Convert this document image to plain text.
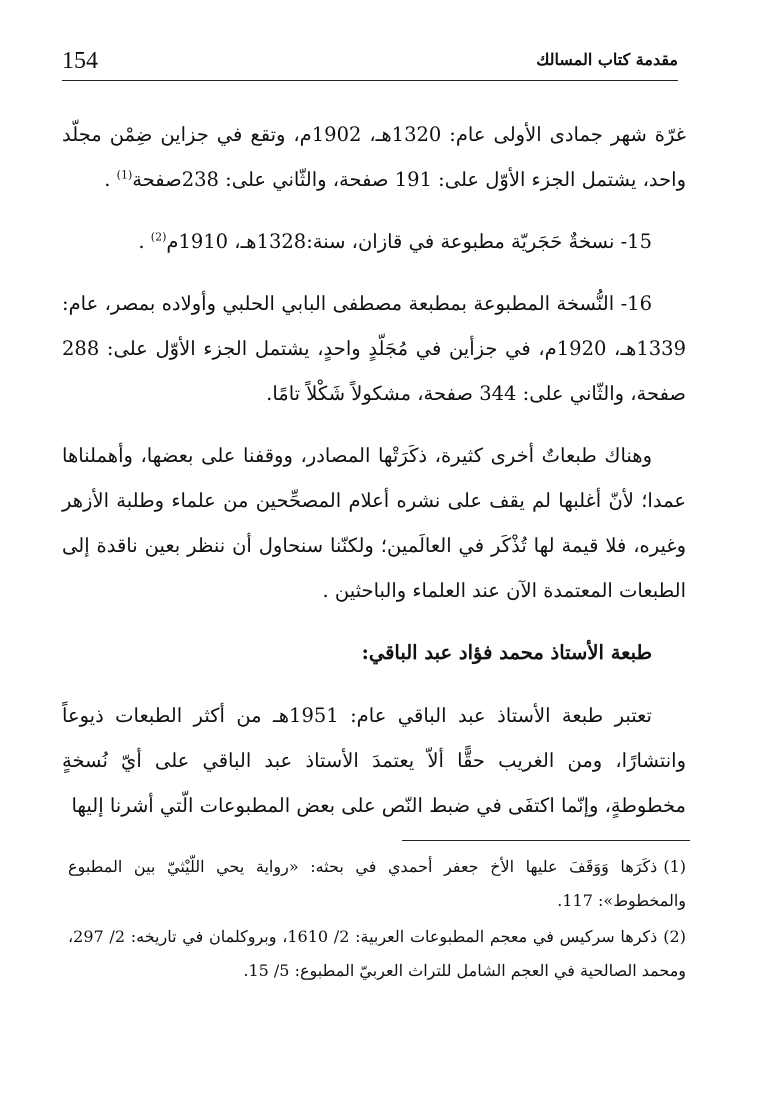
154	مقدمة كتاب المسالك

غرّة شهر جمادى الأولى عام: 1320هـ، 1902م، وتقع في جزاين ضِمْن مجلّد واحد، يشتمل الجزء الأوّل على: 191 صفحة، والثّاني على: 238صفحة$^{(1)}$ .

15- نسخةٌ حَجَريّة مطبوعة في قازان، سنة:1328هـ، 1910م$^{(2)}$ .

16- النُّسخة المطبوعة بمطبعة مصطفى البابي الحلبي وأولاده بمصر، عام: 1339هـ، 1920م، في جزأين في مُجَلّدٍ واحدٍ، يشتمل الجزء الأوّل على: 288 صفحة، والثّاني على: 344 صفحة، مشكولاً شَكْلاً تامًا.

وهناك طبعاتٌ أخرى كثيرة، ذكَرَتْها المصادر، ووقفنا على بعضها، وأهملناها عمدا؛ لأنّ أغلبها لم يقف على نشره أعلام المصحِّحين من علماء وطلبة الأزهر وغيره، فلا قيمة لها تُذْكَر في العالَمين؛ ولكنّنا سنحاول أن ننظر بعين ناقدة إلى الطبعات المعتمدة الآن عند العلماء والباحثين .

طبعة الأستاذ محمد فؤاد عبد الباقي:

تعتبر طبعة الأستاذ عبد الباقي عام: 1951هـ من أكثر الطبعات ذيوعاً وانتشارًا، ومن الغريب حقًّا ألاّ يعتمدَ الأستاذ عبد الباقي على أيّ نُسخةٍ مخطوطةٍ، وإنّما اكتفَى في ضبط النّص على بعض المطبوعات الّتي أشرنا إليها

(1)ذكَرَها وَوَقَفَ عليها الأخ جعفر أحمدي في بحثه: «رواية يحي اللّيْثيّ بين المطبوع والمخطوط»: 117.

(2)ذكرها سركيس في معجم المطبوعات العربية: 2/ 1610، وبروكلمان في تاريخه: 2/ 297، ومحمد الصالحية في العجم الشامل للتراث العربيّ المطبوع: 5/ 15.
